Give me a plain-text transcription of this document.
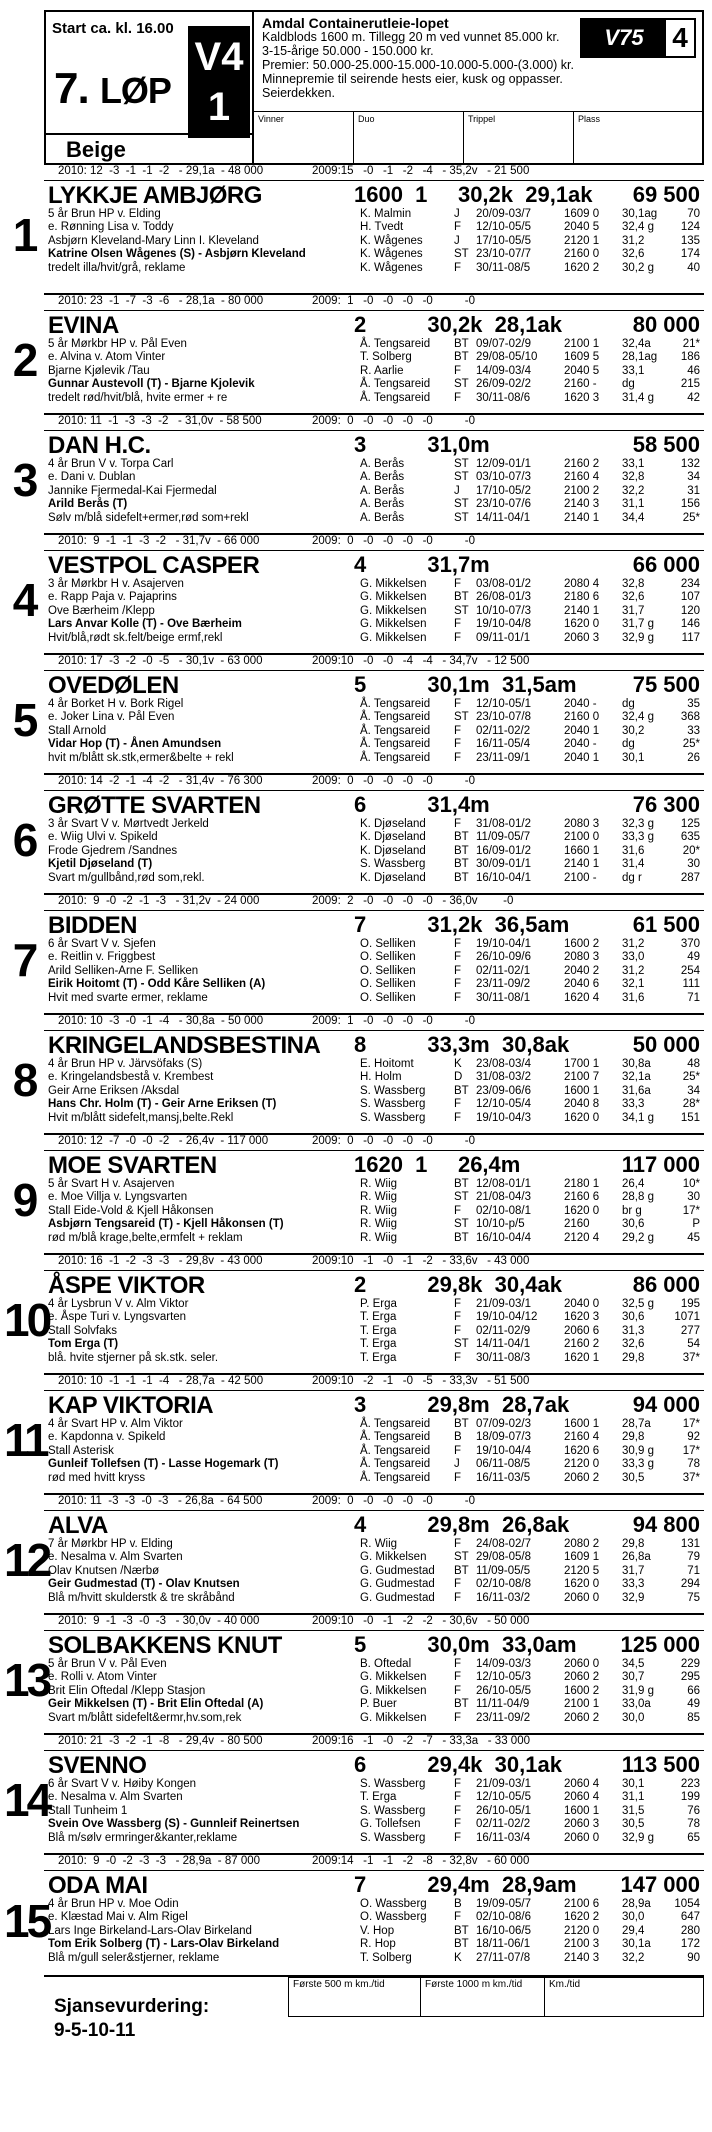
Start ca. kl. 16.00
7. LØP
V4
1
Beige
Amdal Containerutleie-lopet
Kaldblods 1600 m. Tillegg 20 m ved vunnet 85.000 kr.
3-15-årige 50.000 - 150.000 kr.
Premier: 50.000-25.000-15.000-10.000-5.000-(3.000) kr.
Minnepremie til seirende hests eier, kusk og oppasser.
Seierdekken.
V75	4
Vinner	Duo	Trippel	Plass
2010: 12  -3  -1  -1  -2   - 29,1a  - 48 000	2009:15   -0   -1   -2   -4   - 35,2v   - 21 500
1
LYKKJE AMBJØRG	1600  1     30,2k  29,1ak 69 500
5 år Brun HP v. Elding
e. Rønning Lisa v. Toddy
Asbjørn Kleveland-Mary Linn I. Kleveland
Katrine Olsen Wågenes (S) - Asbjørn Kleveland
tredelt illa/hvit/grå, reklame
K. Malmin	J	20/09-03/7	1609 0	30,1ag	70
H. Tvedt	F	12/10-05/5	2040 5	32,4 g	124
K. Wågenes	J	17/10-05/5	2120 1	31,2	135
K. Wågenes	ST 23/10-07/7	2160 0	32,6	174
K. Wågenes	F	30/11-08/5	1620 2	30,2 g	40
2010: 23  -1  -7  -3  -6   - 28,1a  - 80 000	2009:  1   -0   -0   -0   -0          -0
2
EVINA	2          30,2k  28,1ak	80 000
5 år Mørkbr HP v. Pål Even
e. Alvina v. Atom Vinter
Bjarne Kjølevik /Tau
Gunnar Austevoll (T) - Bjarne Kjolevik
tredelt rød/hvit/blå, hvite ermer + re
Å. Tengsareid	BT 09/07-02/9	2100 1	32,4a	21*
T. Solberg	BT 29/08-05/10	1609 5	28,1ag	186
R. Aarlie	F	14/09-03/4	2040 5	33,1	46
Å. Tengsareid	ST 26/09-02/2	2160 -	dg	215
Å. Tengsareid	F	30/11-08/6	1620 3	31,4 g	42
2010: 11  -1  -3  -3  -2   - 31,0v  - 58 500	2009:  0   -0   -0   -0   -0          -0
3
DAN H.C.	3          31,0m	58 500
4 år Brun V v. Torpa Carl
e. Dani v. Dublan
Jannike Fjermedal-Kai Fjermedal
Arild Berås (T)
Sølv m/blå sidefelt+ermer,rød som+rekl
A. Berås	ST 12/09-01/1	2160 2	33,1	132
A. Berås	ST 03/10-07/3	2160 4	32,8	34
A. Berås	J	17/10-05/2	2100 2	32,2	31
A. Berås	ST 23/10-07/6	2140 3	31,1	156
A. Berås	ST 14/11-04/1	2140 1	34,4	25*
2010:  9  -1  -1  -3  -2   - 31,7v  - 66 000	2009:  0   -0   -0   -0   -0          -0
4
VESTPOL CASPER	4          31,7m	66 000
3 år Mørkbr H v. Asajerven
e. Rapp Paja v. Pajaprins
Ove Bærheim /Klepp
Lars Anvar Kolle (T) - Ove Bærheim
Hvit/blå,rødt sk.felt/beige ermf,rekl
G. Mikkelsen	F	03/08-01/2	2080 4	32,8	234
G. Mikkelsen	BT 26/08-01/3	2180 6	32,6	107
G. Mikkelsen	ST 10/10-07/3	2140 1	31,7	120
G. Mikkelsen	F	19/10-04/8	1620 0	31,7 g	146
G. Mikkelsen	F	09/11-01/1	2060 3	32,9 g	117
2010: 17  -3  -2  -0  -5   - 30,1v  - 63 000	2009:10   -0   -0   -4   -4   - 34,7v   - 12 500
5
OVEDØLEN	5          30,1m  31,5am	75 500
4 år Borket H v. Bork Rigel
e. Joker Lina v. Pål Even
Stall Arnold
Vidar Hop (T) - Ånen Amundsen
hvit m/blått sk.stk,ermer&belte + rekl
Å. Tengsareid	F	12/10-05/1	2040 -	dg	35
Å. Tengsareid	ST 23/10-07/8	2160 0	32,4 g	368
Å. Tengsareid	F	02/11-02/2	2040 1	30,2	33
Å. Tengsareid	F	16/11-05/4	2040 -	dg	25*
Å. Tengsareid	F	23/11-09/1	2040 1	30,1	26
2010: 14  -2  -1  -4  -2   - 31,4v  - 76 300	2009:  0   -0   -0   -0   -0          -0
6
GRØTTE SVARTEN	6          31,4m	76 300
3 år Svart V v. Mørtvedt Jerkeld
e. Wiig Ulvi v. Spikeld
Frode Gjedrem /Sandnes
Kjetil Djøseland (T)
Svart m/gullbånd,rød som,rekl.
K. Djøseland	F	31/08-01/2	2080 3	32,3 g	125
K. Djøseland	BT 11/09-05/7	2100 0	33,3 g	635
K. Djøseland	BT 16/09-01/2	1660 1	31,6	20*
S. Wassberg	BT 30/09-01/1	2140 1	31,4	30
K. Djøseland	BT 16/10-04/1	2100 -	dg r	287
2010:  9  -0  -2  -1  -3   - 31,2v  - 24 000	2009:  2   -0   -0   -0   -0   - 36,0v        -0
7
BIDDEN	7          31,2k  36,5am	61 500
6 år Svart V v. Sjefen
e. Reitlin v. Friggbest
Arild Selliken-Arne F. Selliken
Eirik Hoitomt (T) - Odd Kåre Selliken (A)
Hvit med svarte ermer, reklame
O. Selliken	F	19/10-04/1	1600 2	31,2	370
O. Selliken	F	26/10-09/6	2080 3	33,0	49
O. Selliken	F	02/11-02/1	2040 2	31,2	254
O. Selliken	F	23/11-09/2	2040 6	32,1	111
O. Selliken	F	30/11-08/1	1620 4	31,6	71
2010: 10  -3  -0  -1  -4   - 30,8a  - 50 000	2009:  1   -0   -0   -0   -0          -0
8
KRINGELANDSBESTINA 8          33,3m  30,8ak	50 000
4 år Brun HP v. Järvsöfaks (S)
e. Kringelandsbestå v. Krembest
Geir Arne Eriksen /Aksdal
Hans Chr. Holm (T) - Geir Arne Eriksen (T)
Hvit m/blått sidefelt,mansj,belte.Rekl
E. Hoitomt	K	23/08-03/4	1700 1	30,8a	48
H. Holm	D	31/08-03/2	2100 7	32,1a	25*
S. Wassberg	BT 23/09-06/6	1600 1	31,6a	34
S. Wassberg	F	12/10-05/4	2040 8	33,3	28*
S. Wassberg	F	19/10-04/3	1620 0	34,1 g	151
2010: 12  -7  -0  -0  -2   - 26,4v  - 117 000	2009:  0   -0   -0   -0   -0          -0
9
MOE SVARTEN	1620  1     26,4m	117 000
5 år Svart H v. Asajerven
e. Moe Villja v. Lyngsvarten
Stall Eide-Vold & Kjell Håkonsen
Asbjørn Tengsareid (T) - Kjell Håkonsen (T)
rød m/blå krage,belte,ermfelt + reklam
R. Wiig	BT 12/08-01/1	2180 1	26,4	10*
R. Wiig	ST 21/08-04/3	2160 6	28,8 g	30
R. Wiig	F	02/10-08/1	1620 0	br g	17*
R. Wiig	ST 10/10-p/5	2160	30,6	P
R. Wiig	BT 16/10-04/4	2120 4	29,2 g	45
2010: 16  -1  -2  -3  -3   - 29,8v  - 43 000	2009:10   -1   -0   -1   -2   - 33,6v   - 43 000
10
ÅSPE VIKTOR	2          29,8k  30,4ak	86 000
4 år Lysbrun V v. Alm Viktor
e. Åspe Turi v. Lyngsvarten
Stall Solvfaks
Tom Erga (T)
blå. hvite stjerner på sk.stk. seler.
P. Erga	F	21/09-03/1	2040 0	32,5 g	195
T. Erga	F	19/10-04/12	1620 3	30,6	1071
T. Erga	F	02/11-02/9	2060 6	31,3	277
T. Erga	ST 14/11-04/1	2160 2	32,6	54
T. Erga	F	30/11-08/3	1620 1	29,8	37*
2010: 10  -1  -1  -1  -4   - 28,7a  - 42 500	2009:10   -2   -1   -0   -5   - 33,3v   - 51 500
11
KAP VIKTORIA	3          29,8m  28,7ak	94 000
4 år Svart HP v. Alm Viktor
e. Kapdonna v. Spikeld
Stall Asterisk
Gunleif Tollefsen (T) - Lasse Hogemark (T)
rød med hvitt kryss
Å. Tengsareid	BT 07/09-02/3	1600 1	28,7a	17*
Å. Tengsareid	B	18/09-07/3	2160 4	29,8	92
Å. Tengsareid	F	19/10-04/4	1620 6	30,9 g	17*
Å. Tengsareid	J	06/11-08/5	2120 0	33,3 g	78
Å. Tengsareid	F	16/11-03/5	2060 2	30,5	37*
2010: 11  -3  -3  -0  -3   - 26,8a  - 64 500	2009:  0   -0   -0   -0   -0          -0
12
ALVA	4          29,8m  26,8ak	94 800
7 år Mørkbr HP v. Elding
e. Nesalma v. Alm Svarten
Olav Knutsen /Nærbø
Geir Gudmestad (T) - Olav Knutsen
Blå m/hvitt skulderstk & tre skråbånd
R. Wiig	F	24/08-02/7	2080 2	29,8	131
G. Mikkelsen	ST 29/08-05/8	1609 1	26,8a	79
G. Gudmestad	BT 11/09-05/5	2120 5	31,7	71
G. Gudmestad	F	02/10-08/8	1620 0	33,3	294
G. Gudmestad	F	16/11-03/2	2060 0	32,9	75
2010:  9  -1  -3  -0  -3   - 30,0v  - 40 000	2009:10   -0   -1   -2   -2   - 30,6v   - 50 000
13
SOLBAKKENS KNUT	5          30,0m  33,0am 125 000
5 år Brun V v. Pål Even
e. Rolli v. Atom Vinter
Brit Elin Oftedal /Klepp Stasjon
Geir Mikkelsen (T) - Brit Elin Oftedal (A)
Svart m/blått sidefelt&ermr,hv.som,rek
B. Oftedal	F	14/09-03/3	2060 0	34,5	229
G. Mikkelsen	F	12/10-05/3	2060 2	30,7	295
G. Mikkelsen	F	26/10-05/5	1600 2	31,9 g	66
P. Buer	BT 11/11-04/9	2100 1	33,0a	49
G. Mikkelsen	F	23/11-09/2	2060 2	30,0	85
2010: 21  -3  -2  -1  -8   - 29,4v  - 80 500	2009:16   -1   -0   -2   -7   - 33,3a   - 33 000
14
SVENNO	6          29,4k  30,1ak	113 500
6 år Svart V v. Høiby Kongen
e. Nesalma v. Alm Svarten
Stall Tunheim 1
Svein Ove Wassberg (S) - Gunnleif Reinertsen
Blå m/sølv ermringer&kanter,reklame
S. Wassberg	F	21/09-03/1	2060 4	30,1	223
T. Erga	F	12/10-05/5	2060 4	31,1	199
S. Wassberg	F	26/10-05/1	1600 1	31,5	76
G. Tollefsen	F	02/11-02/2	2060 3	30,5	78
S. Wassberg	F	16/11-03/4	2060 0	32,9 g	65
2010:  9  -0  -2  -3  -3   - 28,9a  - 87 000	2009:14   -1   -1   -2   -8   - 32,8v   - 60 000
15
ODA MAI	7          29,4m  28,9am 147 000
4 år Brun HP v. Moe Odin
e. Klæstad Mai v. Alm Rigel
Lars Inge Birkeland-Lars-Olav Birkeland
Tom Erik Solberg (T) - Lars-Olav Birkeland
Blå m/gull seler&stjerner, reklame
O. Wassberg	B	19/09-05/7	2100 6	28,9a	1054
O. Wassberg	F	02/10-08/6	1620 2	30,0	647
V. Hop	BT 16/10-06/5	2120 0	29,4	280
R. Hop	BT 18/11-06/1	2100 3	30,1a	172
T. Solberg	K	27/11-07/8	2140 3	32,2	90
Sjansevurdering:
9-5-10-11
Første 500 m km./tid	Første 1000 m km./tid	Km./tid
